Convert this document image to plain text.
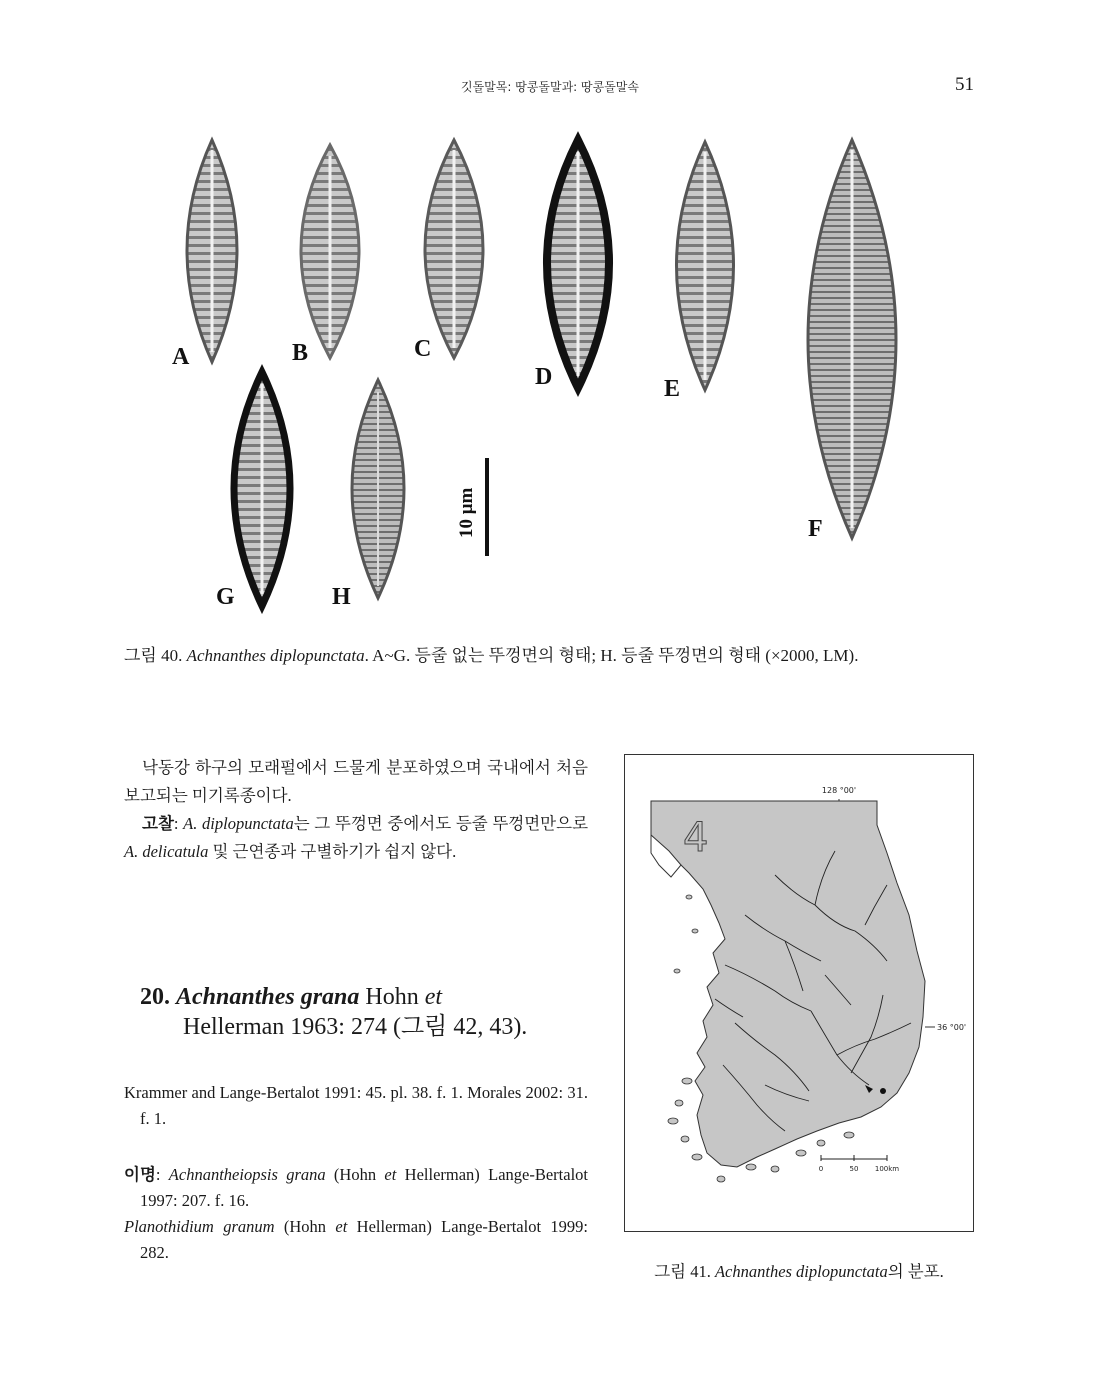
깃돌말목: 땅콩돌말과: 땅콩돌말속	51
A	B	C
D	E
F
G	H
10 μm
그림 40. Achnanthes diplopunctata. A~G. 등줄 없는 뚜껑면의 형태; H. 등줄 뚜껑면의 형태 (×2000, LM).

낙동강 하구의 모래펄에서 드물게 분포하였으며 국내에서 처음 보고되는 미기록종이다.

고찰: A. diplopunctata는 그 뚜껑면 중에서도 등줄 뚜껑면만으로 A. delicatula 및 근연종과 구별하기가 쉽지 않다.

20. Achnanthes grana Hohn et
Hellerman 1963: 274 (그림 42, 43).

Krammer and Lange-Bertalot 1991: 45. pl. 38. f. 1. Morales 2002: 31. f. 1.

이명: Achnantheiopsis grana (Hohn et Hellerman) Lange-Bertalot 1997: 207. f. 16.

Planothidium granum (Hohn et Hellerman) Lange-Bertalot 1999: 282.

128 °00'
36 °00'
4
0	50 100km
그림 41. Achnanthes diplopunctata의 분포.
